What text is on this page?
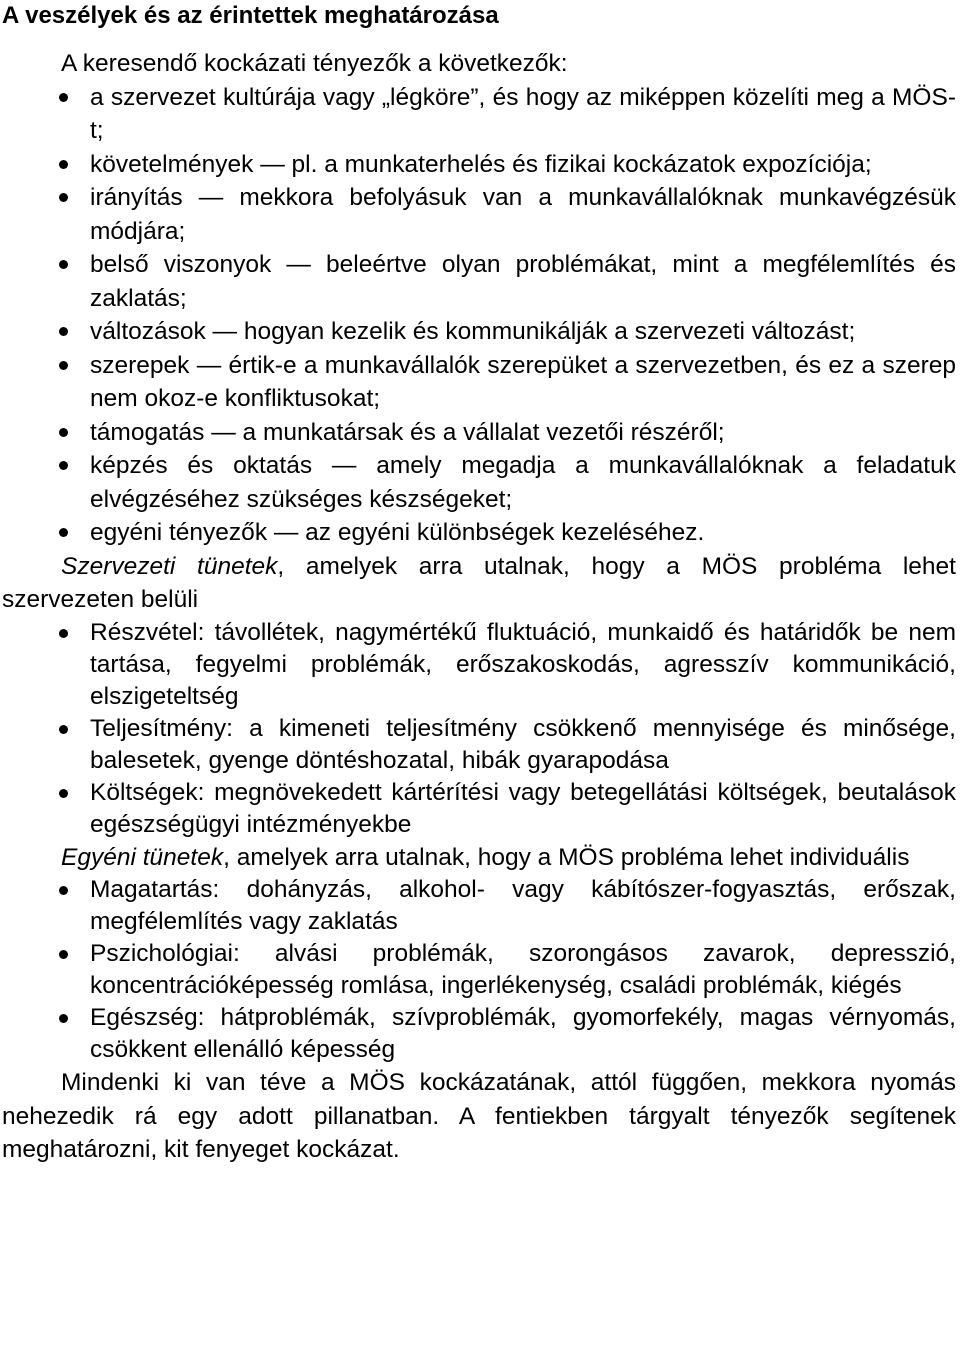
A veszélyek és az érintettek meghatározása

A keresendő kockázati tényezők a következők:

a szervezet kultúrája vagy „légköre”, és hogy az miképpen közelíti meg a MÖS-t;
követelmények — pl. a munkaterhelés és fizikai kockázatok expozíciója;
irányítás — mekkora befolyásuk van a munkavállalóknak munkavégzésük módjára;
belső viszonyok — beleértve olyan problémákat, mint a megfélemlítés és zaklatás;
változások — hogyan kezelik és kommunikálják a szervezeti változást;
szerepek — értik-e a munkavállalók szerepüket a szervezetben, és ez a szerep nem okoz-e konfliktusokat;
támogatás — a munkatársak és a vállalat vezetői részéről;
képzés és oktatás — amely megadja a munkavállalóknak a feladatuk elvégzéséhez szükséges készségeket;
egyéni tényezők — az egyéni különbségek kezeléséhez.

Szervezeti tünetek, amelyek arra utalnak, hogy a MÖS probléma lehet szervezeten belüli

Részvétel: távollétek, nagymértékű fluktuáció, munkaidő és határidők be nem tartása, fegyelmi problémák, erőszakoskodás, agresszív kommunikáció, elszigeteltség
Teljesítmény: a kimeneti teljesítmény csökkenő mennyisége és minősége, balesetek, gyenge döntéshozatal, hibák gyarapodása
Költségek: megnövekedett kártérítési vagy betegellátási költségek, beutalások egészségügyi intézményekbe

Egyéni tünetek, amelyek arra utalnak, hogy a MÖS probléma lehet individuális

Magatartás: dohányzás, alkohol- vagy kábítószer-fogyasztás, erőszak, megfélemlítés vagy zaklatás
Pszichológiai: alvási problémák, szorongásos zavarok, depresszió, koncentrációképesség romlása, ingerlékenység, családi problémák, kiégés
Egészség: hátproblémák, szívproblémák, gyomorfekély, magas vérnyomás, csökkent ellenálló képesség

Mindenki ki van téve a MÖS kockázatának, attól függően, mekkora nyomás nehezedik rá egy adott pillanatban. A fentiekben tárgyalt tényezők segítenek meghatározni, kit fenyeget kockázat.
